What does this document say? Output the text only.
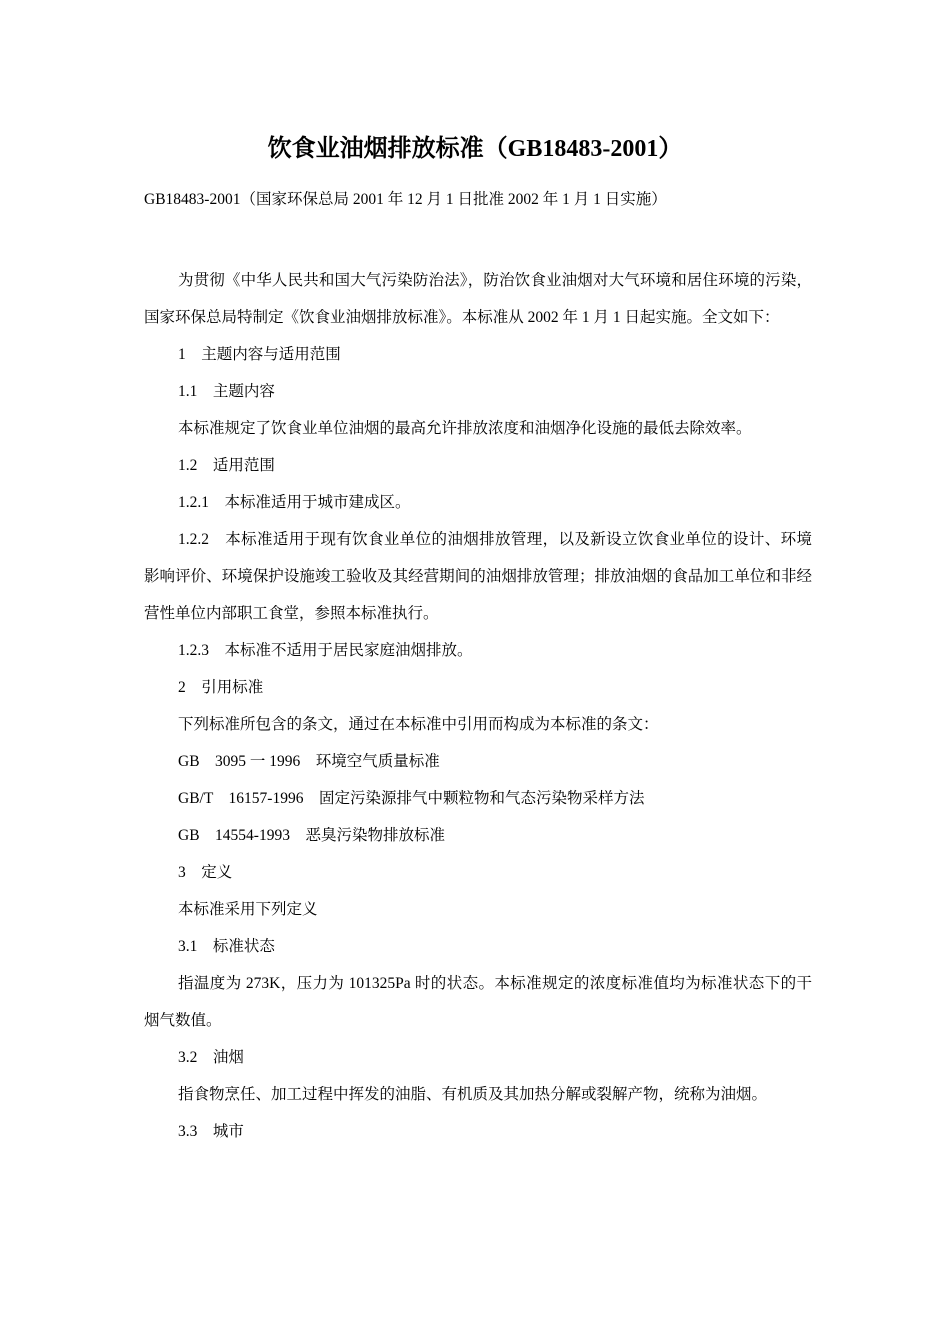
饮食业油烟排放标准（GB18483-2001）
GB18483-2001（国家环保总局 2001 年 12 月 1 日批准 2002 年 1 月 1 日实施）

为贯彻《中华人民共和国大气污染防治法》，防治饮食业油烟对大气环境和居住环境的污染，国家环保总局特制定《饮食业油烟排放标准》。本标准从 2002 年 1 月 1 日起实施。全文如下：

1　主题内容与适用范围

1.1　主题内容

本标准规定了饮食业单位油烟的最高允许排放浓度和油烟净化设施的最低去除效率。

1.2　适用范围

1.2.1　本标准适用于城市建成区。

1.2.2　本标准适用于现有饮食业单位的油烟排放管理，以及新设立饮食业单位的设计、环境影响评价、环境保护设施竣工验收及其经营期间的油烟排放管理；排放油烟的食品加工单位和非经营性单位内部职工食堂，参照本标准执行。

1.2.3　本标准不适用于居民家庭油烟排放。

2　引用标准

下列标准所包含的条文，通过在本标准中引用而构成为本标准的条文：

GB　3095 一 1996　环境空气质量标准

GB/T　16157-1996　固定污染源排气中颗粒物和气态污染物采样方法

GB　14554-1993　恶臭污染物排放标准

3　定义

本标准采用下列定义

3.1　标准状态

指温度为 273K，压力为 101325Pa 时的状态。本标准规定的浓度标准值均为标准状态下的干烟气数值。

3.2　油烟

指食物烹任、加工过程中挥发的油脂、有机质及其加热分解或裂解产物，统称为油烟。

3.3　城市
